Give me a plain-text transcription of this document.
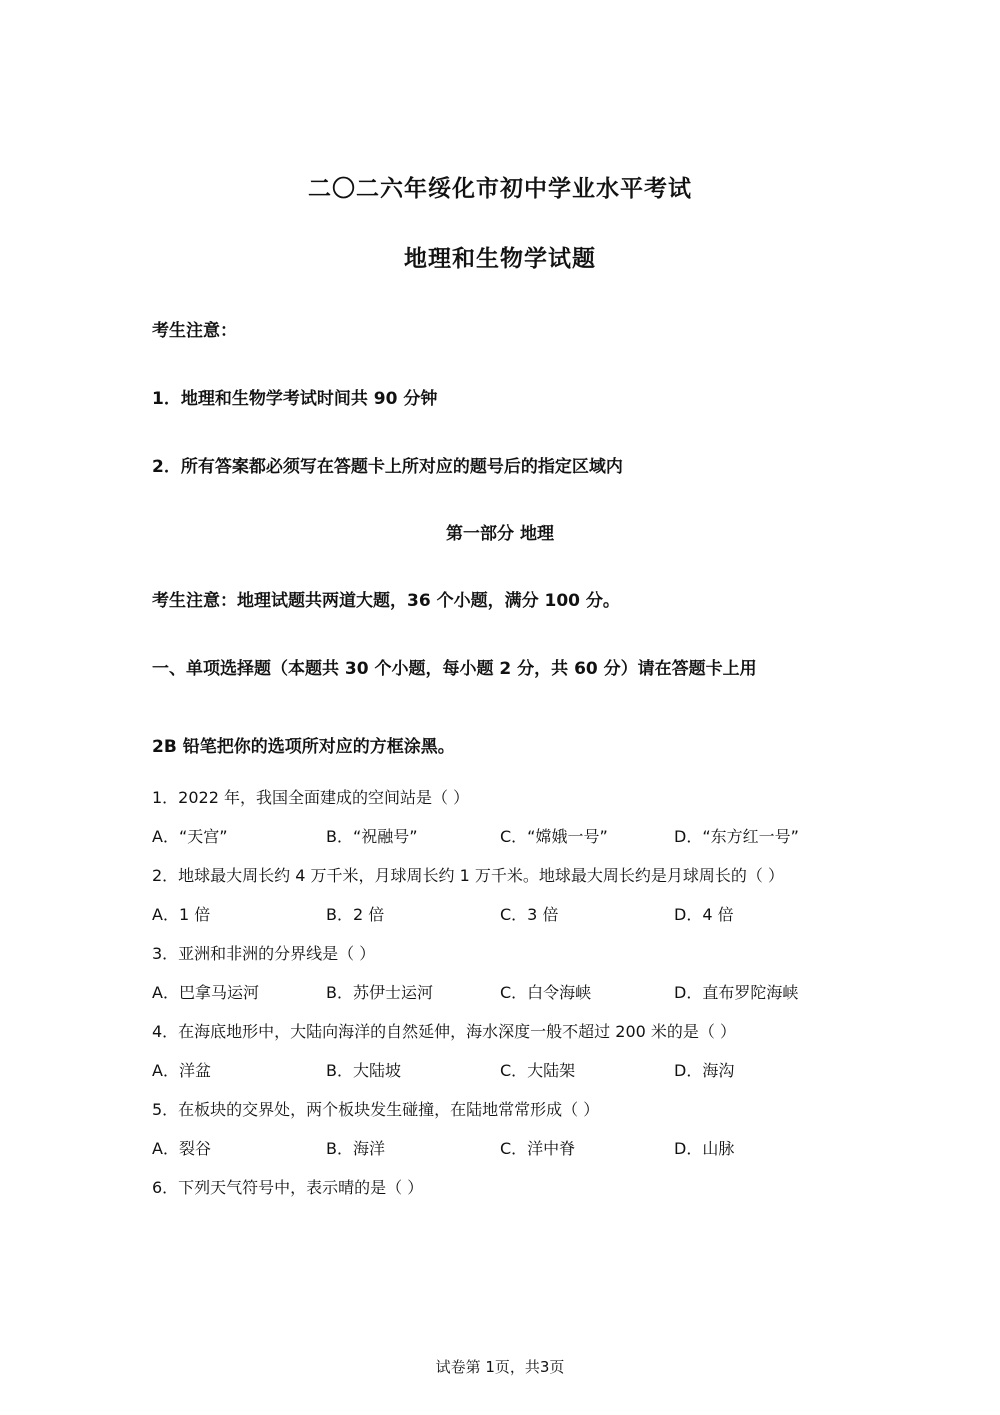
二〇二六年绥化市初中学业水平考试
地理和生物学试题
考生注意：
1．地理和生物学考试时间共 90 分钟
2．所有答案都必须写在答题卡上所对应的题号后的指定区域内
第一部分 地理
考生注意：地理试题共两道大题，36 个小题，满分 100 分。
一、单项选择题（本题共 30 个小题，每小题 2 分，共 60 分）请在答题卡上用
2B 铅笔把你的选项所对应的方框涂黑。
1．2022 年，我国全面建成的空间站是（ ）
A．“天宫”	B．“祝融号”	C．“嫦娥一号”	D．“东方红一号”
2．地球最大周长约 4 万千米，月球周长约 1 万千米。地球最大周长约是月球周长的（ ）
A．1 倍	B．2 倍	C．3 倍	D．4 倍
3．亚洲和非洲的分界线是（ ）
A．巴拿马运河	B．苏伊士运河	C．白令海峡	D．直布罗陀海峡
4．在海底地形中，大陆向海洋的自然延伸，海水深度一般不超过 200 米的是（ ）
A．洋盆	B．大陆坡	C．大陆架	D．海沟
5．在板块的交界处，两个板块发生碰撞，在陆地常常形成（ ）
A．裂谷	B．海洋	C．洋中脊	D．山脉
6．下列天气符号中，表示晴的是（ ）
试卷第 1页，共3页
